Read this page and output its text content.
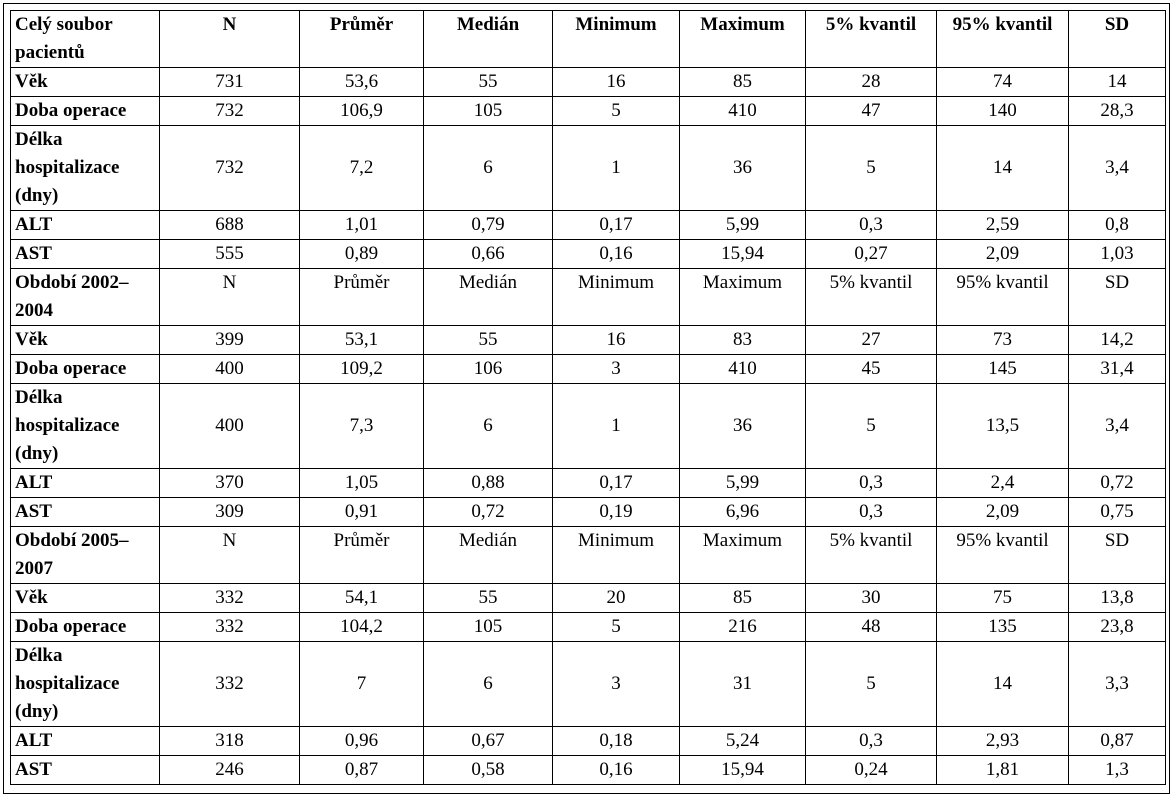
Celý soubor pacientů	N	Průměr	Medián	Minimum	Maximum	5% kvantil	95% kvantil	SD
Věk	731	53,6	55	16	85	28	74	14
Doba operace	732	106,9	105	5	410	47	140	28,3
Délka hospitalizace (dny)	732	7,2	6	1	36	5	14	3,4
ALT	688	1,01	0,79	0,17	5,99	0,3	2,59	0,8
AST	555	0,89	0,66	0,16	15,94	0,27	2,09	1,03
Období 2002–2004	N	Průměr	Medián	Minimum	Maximum	5% kvantil	95% kvantil	SD
Věk	399	53,1	55	16	83	27	73	14,2
Doba operace	400	109,2	106	3	410	45	145	31,4
Délka hospitalizace (dny)	400	7,3	6	1	36	5	13,5	3,4
ALT	370	1,05	0,88	0,17	5,99	0,3	2,4	0,72
AST	309	0,91	0,72	0,19	6,96	0,3	2,09	0,75
Období 2005–2007	N	Průměr	Medián	Minimum	Maximum	5% kvantil	95% kvantil	SD
Věk	332	54,1	55	20	85	30	75	13,8
Doba operace	332	104,2	105	5	216	48	135	23,8
Délka hospitalizace (dny)	332	7	6	3	31	5	14	3,3
ALT	318	0,96	0,67	0,18	5,24	0,3	2,93	0,87
AST	246	0,87	0,58	0,16	15,94	0,24	1,81	1,3
